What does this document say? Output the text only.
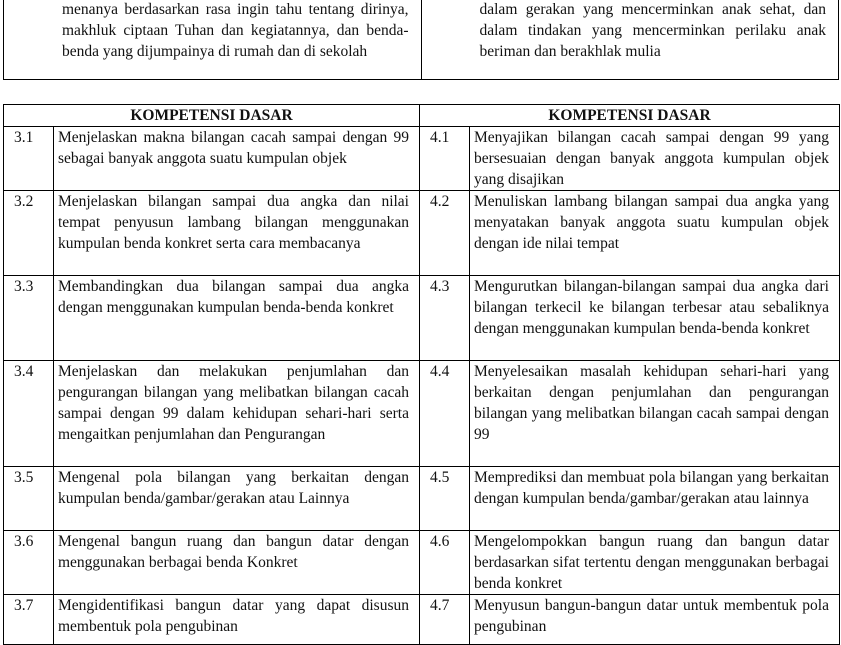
menanya berdasarkan rasa ingin tahu tentang dirinya, makhluk ciptaan Tuhan dan kegiatannya, dan benda-benda yang dijumpainya di rumah dan di sekolah	dalam gerakan yang mencerminkan anak sehat, dan dalam tindakan yang mencerminkan perilaku anak beriman dan berakhlak mulia
KOMPETENSI DASAR		KOMPETENSI DASAR	
3.1	Menjelaskan makna bilangan cacah sampai dengan 99 sebagai banyak anggota suatu kumpulan objek	4.1	Menyajikan bilangan cacah sampai dengan 99 yang bersesuaian dengan banyak anggota kumpulan objek yang disajikan
3.2	Menjelaskan bilangan sampai dua angka dan nilai tempat penyusun lambang bilangan menggunakan kumpulan benda konkret serta cara membacanya	4.2	Menuliskan lambang bilangan sampai dua angka yang menyatakan banyak anggota suatu kumpulan objek dengan ide nilai tempat
3.3	Membandingkan dua bilangan sampai dua angka dengan menggunakan kumpulan benda-benda konkret	4.3	Mengurutkan bilangan-bilangan sampai dua angka dari bilangan terkecil ke bilangan terbesar atau sebaliknya dengan menggunakan kumpulan benda-benda konkret
3.4	Menjelaskan dan melakukan penjumlahan dan pengurangan bilangan yang melibatkan bilangan cacah sampai dengan 99 dalam kehidupan sehari-hari serta mengaitkan penjumlahan dan Pengurangan	4.4	Menyelesaikan masalah kehidupan sehari-hari yang berkaitan dengan penjumlahan dan pengurangan bilangan yang melibatkan bilangan cacah sampai dengan 99
3.5	Mengenal pola bilangan yang berkaitan dengan kumpulan benda/gambar/gerakan atau Lainnya	4.5	Memprediksi dan membuat pola bilangan yang berkaitan dengan kumpulan benda/gambar/gerakan atau lainnya
3.6	Mengenal bangun ruang dan bangun datar dengan menggunakan berbagai benda Konkret	4.6	Mengelompokkan bangun ruang dan bangun datar berdasarkan sifat tertentu dengan menggunakan berbagai benda konkret
3.7	Mengidentifikasi bangun datar yang dapat disusun membentuk pola pengubinan	4.7	Menyusun bangun-bangun datar untuk membentuk pola pengubinan
